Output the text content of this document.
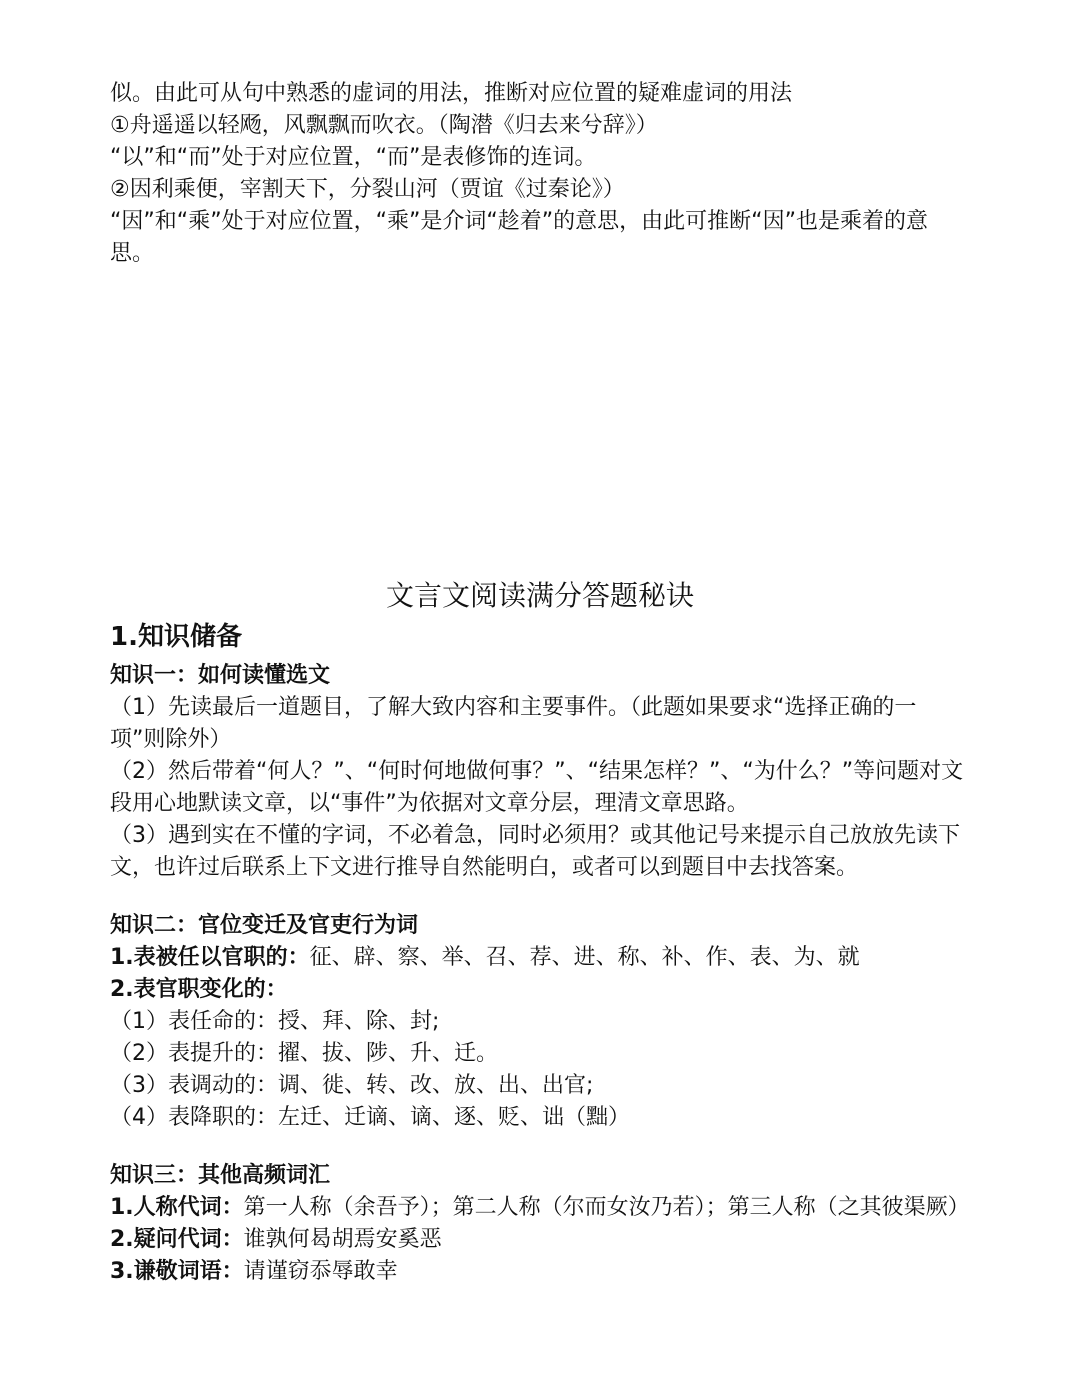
似。由此可从句中熟悉的虚词的用法，推断对应位置的疑难虚词的用法
①舟遥遥以轻飏，风飘飘而吹衣。（陶潜《归去来兮辞》）
“以”和“而”处于对应位置，“而”是表修饰的连词。
②因利乘便，宰割天下，分裂山河（贾谊《过秦论》）
“因”和“乘”处于对应位置，“乘”是介词“趁着”的意思，由此可推断“因”也是乘着的意
思。
文言文阅读满分答题秘诀
1.知识储备
知识一：如何读懂选文
（1）先读最后一道题目，了解大致内容和主要事件。（此题如果要求“选择正确的一项”则除外）
（2）然后带着“何人？”、“何时何地做何事？”、“结果怎样？”、“为什么？”等问题对文段用心地默读文章，以“事件”为依据对文章分层，理清文章思路。
（3）遇到实在不懂的字词，不必着急，同时必须用？或其他记号来提示自己放放先读下文，也许过后联系上下文进行推导自然能明白，或者可以到题目中去找答案。
知识二：官位变迁及官吏行为词
1.表被任以官职的：征、辟、察、举、召、荐、进、称、补、作、表、为、就
2.表官职变化的：
（1）表任命的：授、拜、除、封;
（2）表提升的：擢、拔、陟、升、迁。
（3）表调动的：调、徙、转、改、放、出、出官;
（4）表降职的：左迁、迁谪、谪、逐、贬、诎（黜）
知识三：其他高频词汇
1.人称代词：第一人称（余吾予）；第二人称（尔而女汝乃若）；第三人称（之其彼渠厥）
2.疑问代词：谁孰何曷胡焉安奚恶
3.谦敬词语：请谨窃忝辱敢幸
